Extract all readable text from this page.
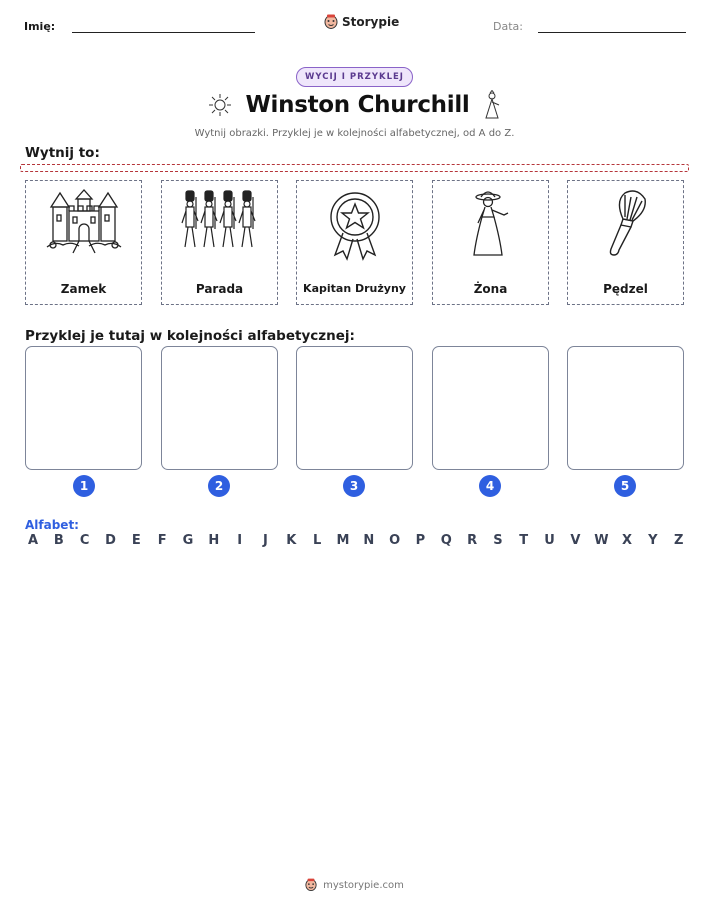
Imię:	Storypie	Data:
WYCIJ I PRZYKLEJ
Winston Churchill
Wytnij obrazki. Przyklej je w kolejności alfabetycznej, od A do Z.
Wytnij to:
Zamek	Parada	Kapitan Drużyny	Żona	Pędzel
Przyklej je tutaj w kolejności alfabetycznej:
1	2	3	4	5
Alfabet:
A B C D E F G H	I	J	K L M N O P Q R S T U V W X Y Z
mystorypie.com
